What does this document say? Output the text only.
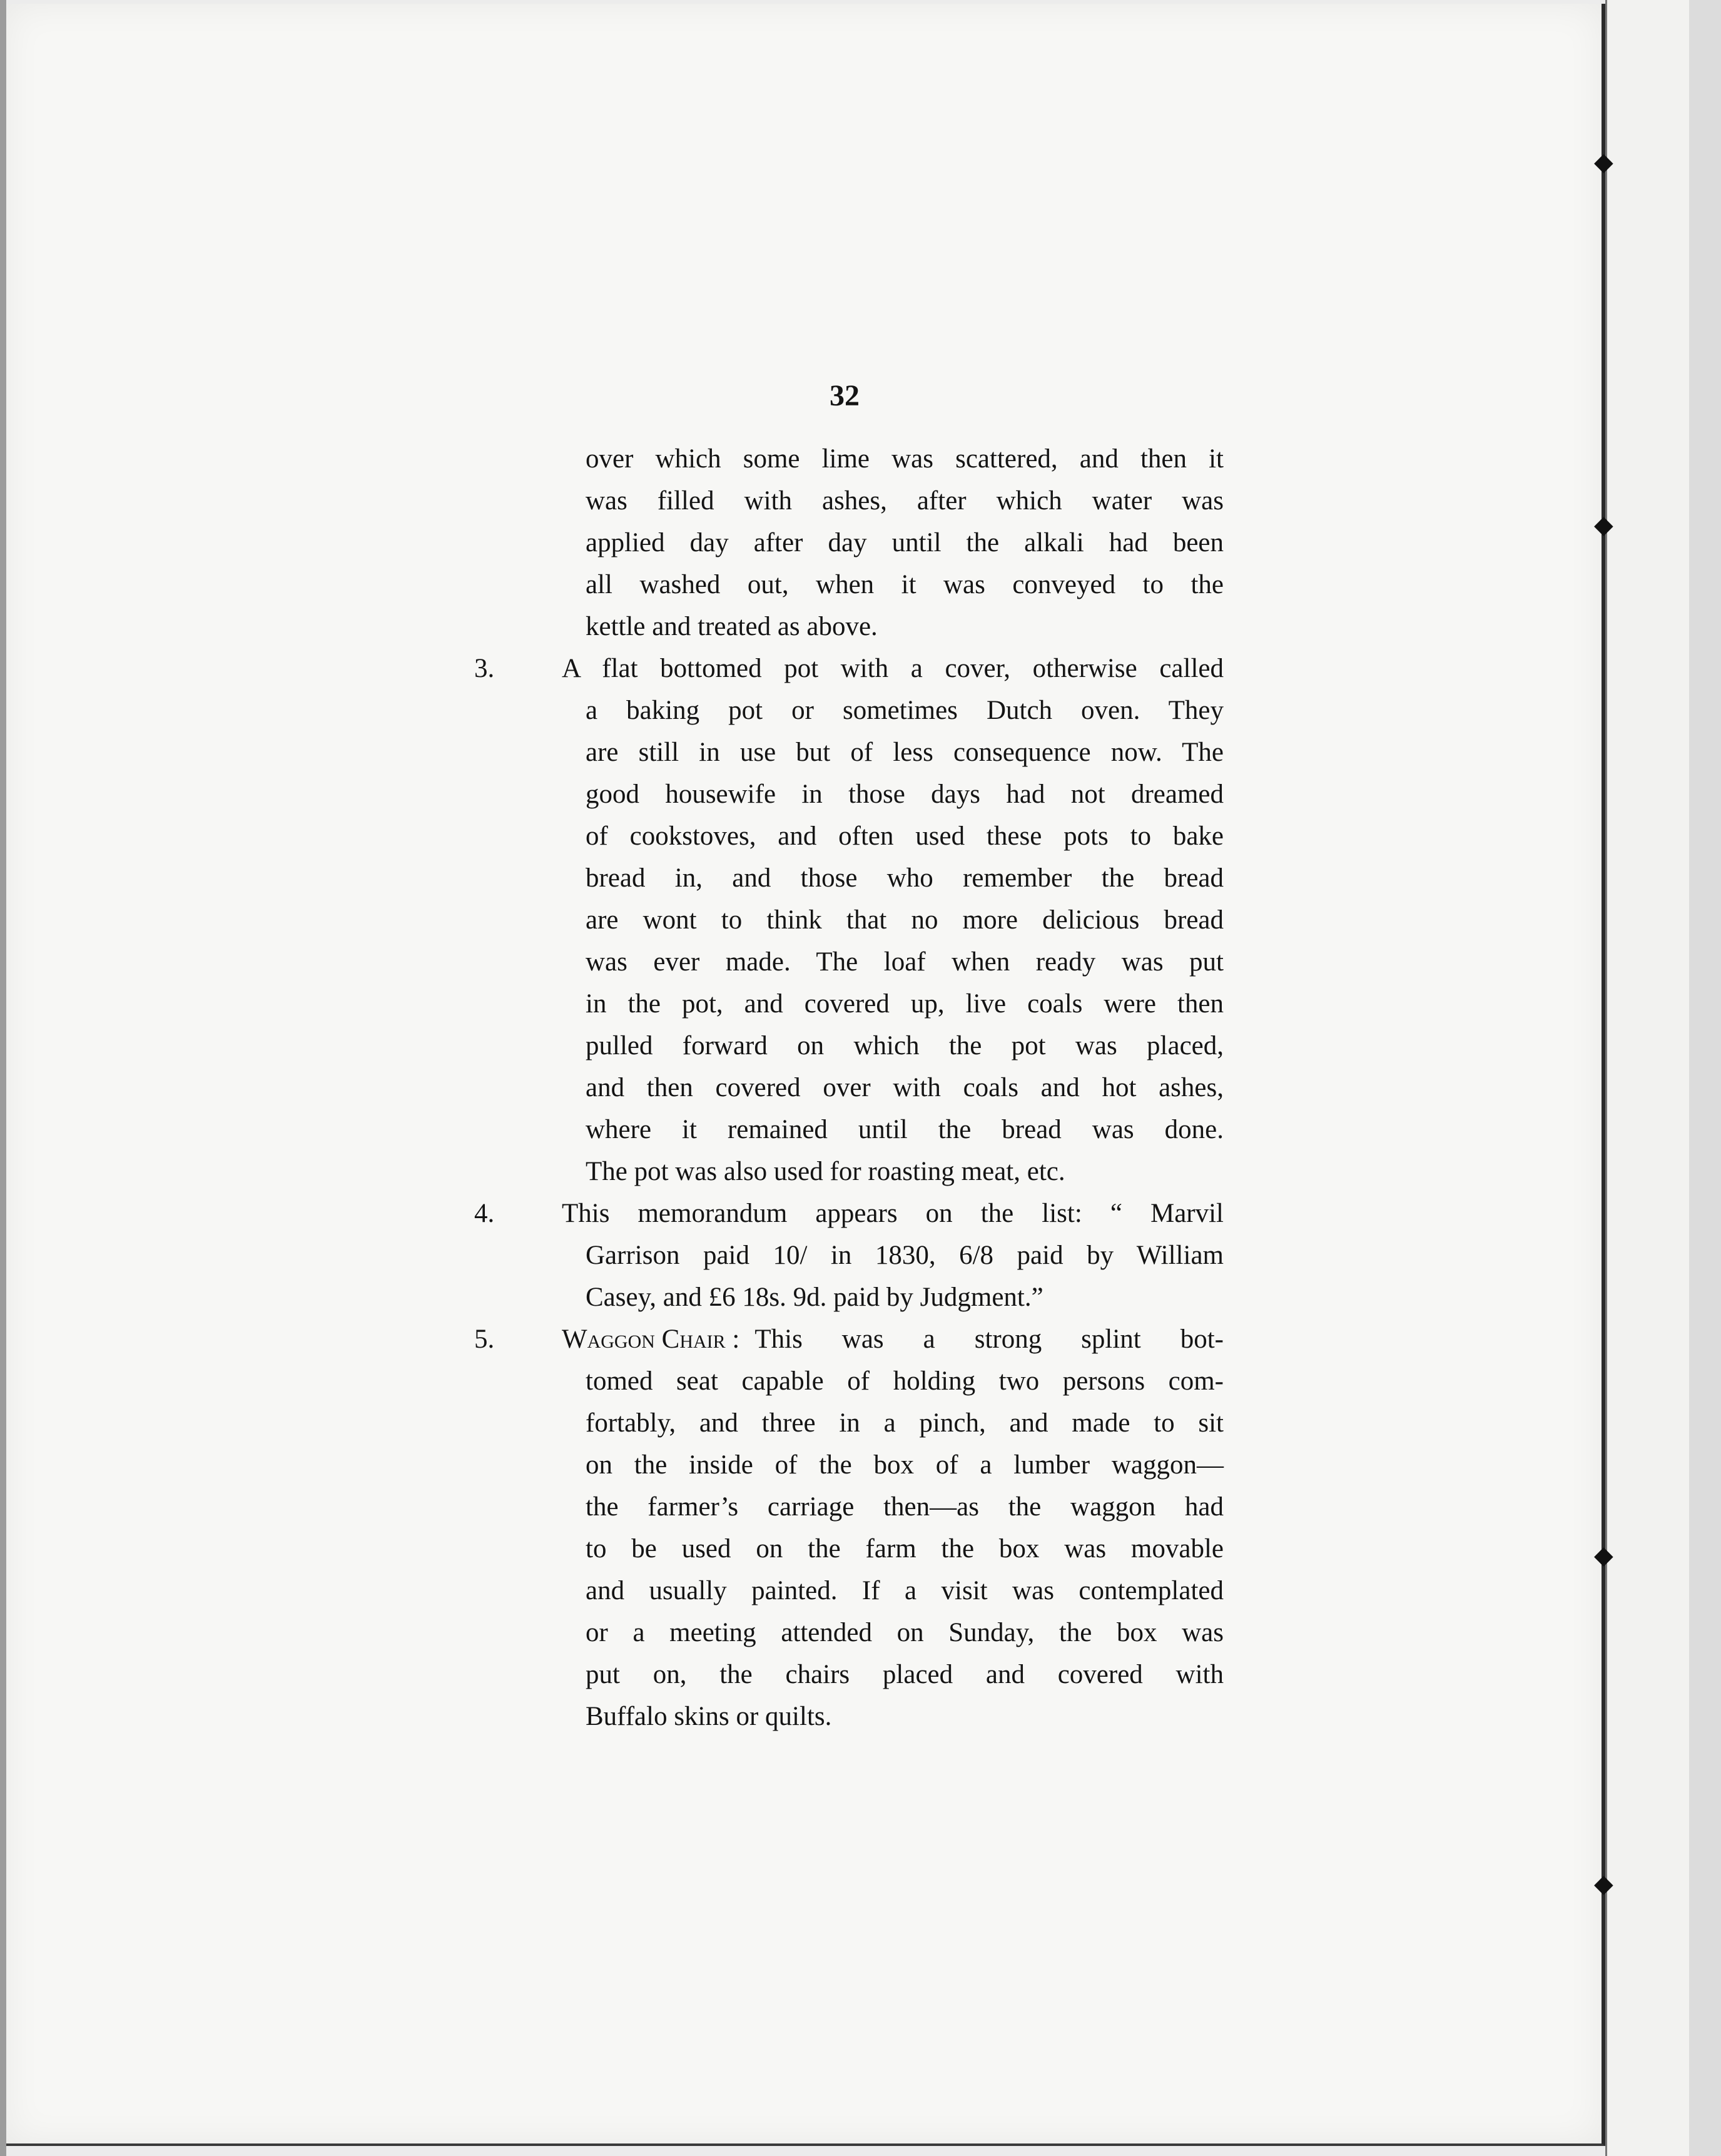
◆
◆
◆
◆
32
over which some lime was scattered, and then it
was filled with ashes, after which water was
applied day after day until the alkali had been
all washed out, when it was conveyed to the
kettle and treated as above.
3.	A flat bottomed pot with a cover, otherwise called
a baking pot or sometimes Dutch oven. They
are still in use but of less consequence now. The
good housewife in those days had not dreamed
of cookstoves, and often used these pots to bake
bread in, and those who remember the bread
are wont to think that no more delicious bread
was ever made. The loaf when ready was put
in the pot, and covered up, live coals were then
pulled forward on which the pot was placed,
and then covered over with coals and hot ashes,
where it remained until the bread was done.
The pot was also used for roasting meat, etc.
4.	This memorandum appears on the list: “ Marvil
Garrison paid 10/ in 1830, 6/8 paid by William
Casey, and £6 18s. 9d. paid by Judgment.”
5.	Waggon Chair : This was a strong splint bot-
tomed seat capable of holding two persons com-
fortably, and three in a pinch, and made to sit
on the inside of the box of a lumber waggon—
the farmer’s carriage then—as the waggon had
to be used on the farm the box was movable
and usually painted. If a visit was contemplated
or a meeting attended on Sunday, the box was
put on, the chairs placed and covered with
Buffalo skins or quilts.
